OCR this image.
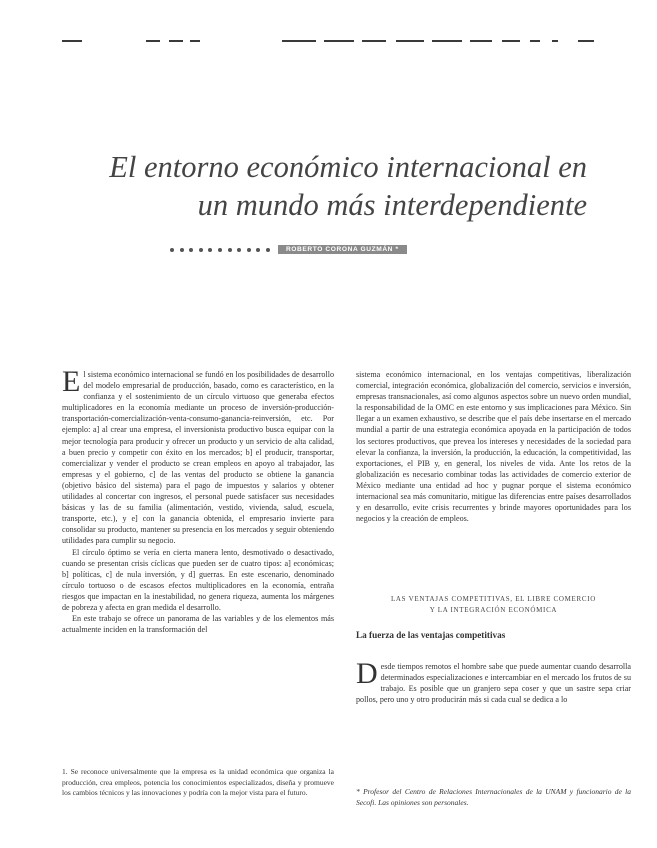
El entorno económico internacional en
un mundo más interdependiente
ROBERTO CORONA GUZMÁN *

El sistema económico internacional se fundó en los posibilidades de desarrollo del modelo empresarial de producción, basado, como es característico, en la confianza y el sostenimiento de un círculo virtuoso que generaba efectos multiplicadores en la economía mediante un proceso de inversión-producción-transportación-comercialización-venta-consumo-ganancia-reinversión, etc. Por ejemplo: a] al crear una empresa, el inversionista productivo busca equipar con la mejor tecnología para producir y ofrecer un producto y un servicio de alta calidad, a buen precio y competir con éxito en los mercados; b] el producir, transportar, comercializar y vender el producto se crean empleos en apoyo al trabajador, las empresas y el gobierno, c] de las ventas del producto se obtiene la ganancia (objetivo básico del sistema) para el pago de impuestos y salarios y obtener utilidades al concertar con ingresos, el personal puede satisfacer sus necesidades básicas y las de su familia (alimentación, vestido, vivienda, salud, escuela, transporte, etc.), y e] con la ganancia obtenida, el empresario invierte para consolidar su producto, mantener su presencia en los mercados y seguir obteniendo utilidades para cumplir su negocio.

El círculo óptimo se vería en cierta manera lento, desmotivado o desactivado, cuando se presentan crisis cíclicas que pueden ser de cuatro tipos: a] económicas; b] políticas, c] de nula inversión, y d] guerras. En este escenario, denominado círculo tortuoso o de escasos efectos multiplicadores en la economía, entraña riesgos que impactan en la inestabilidad, no genera riqueza, aumenta los márgenes de pobreza y afecta en gran medida el desarrollo.

En este trabajo se ofrece un panorama de las variables y de los elementos más actualmente inciden en la transformación del

1. Se reconoce universalmente que la empresa es la unidad económica que organiza la producción, crea empleos, potencia los conocimientos especializados, diseña y promueve los cambios técnicos y las innovaciones y podría con la mejor vista para el futuro.

sistema económico internacional, en los ventajas competitivas, liberalización comercial, integración económica, globalización del comercio, servicios e inversión, empresas transnacionales, así como algunos aspectos sobre un nuevo orden mundial, la responsabilidad de la OMC en este entorno y sus implicaciones para México. Sin llegar a un examen exhaustivo, se describe que el país debe insertarse en el mercado mundial a partir de una estrategia económica apoyada en la participación de todos los sectores productivos, que prevea los intereses y necesidades de la sociedad para elevar la confianza, la inversión, la producción, la educación, la competitividad, las exportaciones, el PIB y, en general, los niveles de vida. Ante los retos de la globalización es necesario combinar todas las actividades de comercio exterior de México mediante una entidad ad hoc y pugnar porque el sistema económico internacional sea más comunitario, mitigue las diferencias entre países desarrollados y en desarrollo, evite crisis recurrentes y brinde mayores oportunidades para los negocios y la creación de empleos.

LAS VENTAJAS COMPETITIVAS, EL LIBRE COMERCIO
Y LA INTEGRACIÓN ECONÓMICA
La fuerza de las ventajas competitivas

Desde tiempos remotos el hombre sabe que puede aumentar cuando desarrolla determinados especializaciones e intercambiar en el mercado los frutos de su trabajo. Es posible que un granjero sepa coser y que un sastre sepa criar pollos, pero uno y otro producirán más si cada cual se dedica a lo

* Profesor del Centro de Relaciones Internacionales de la UNAM y funcionario de la Secofi. Las opiniones son personales.
